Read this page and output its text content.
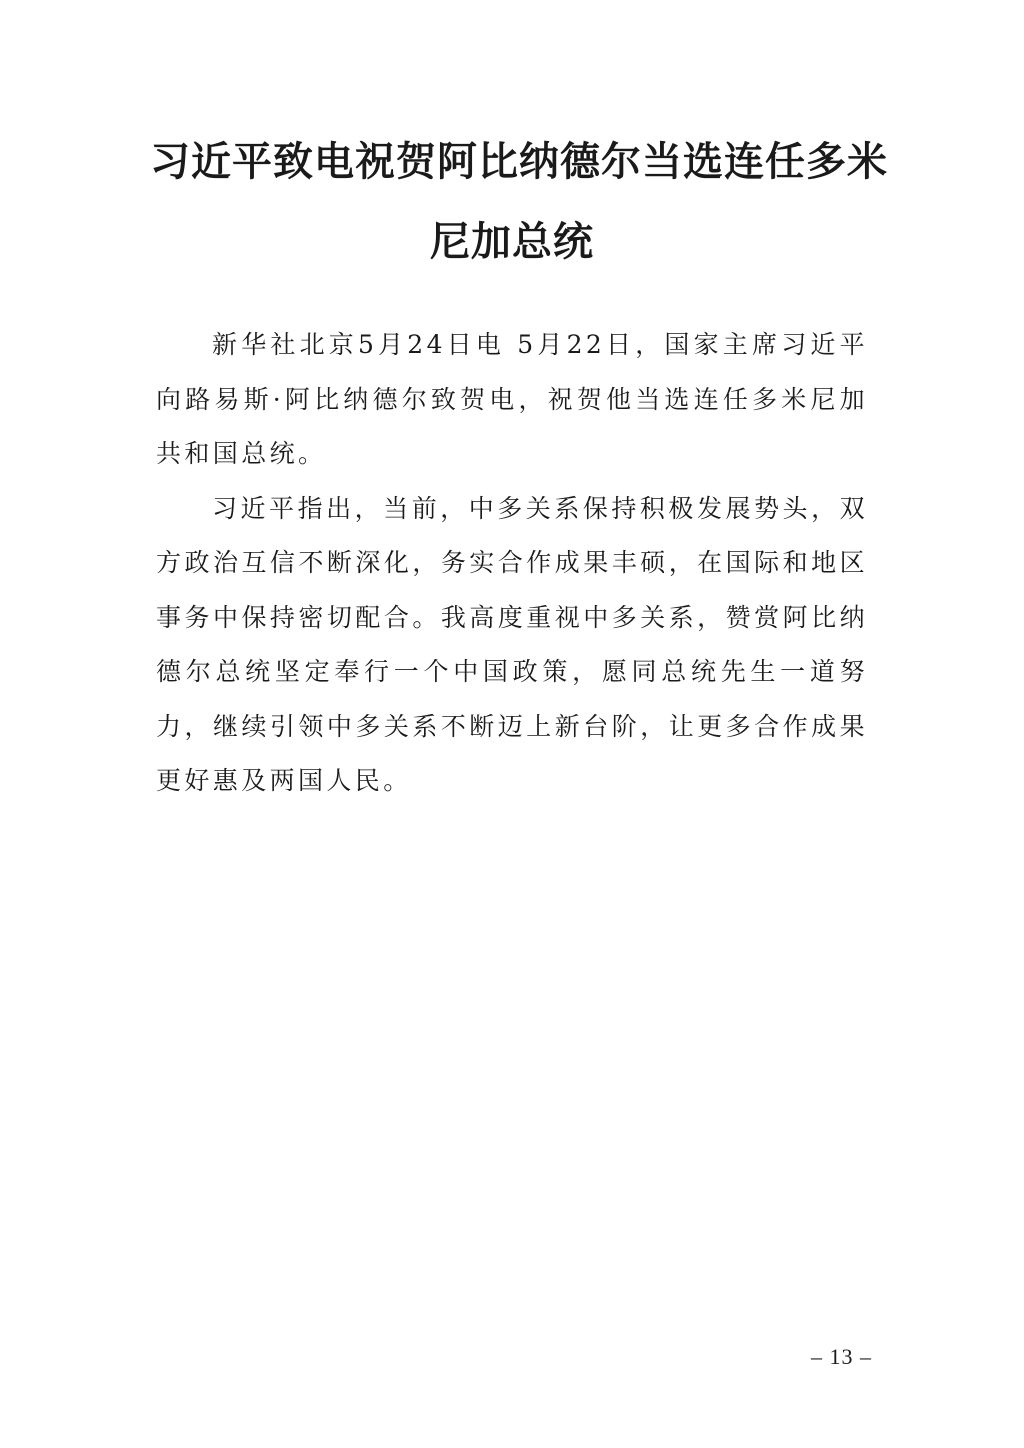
习近平致电祝贺阿比纳德尔当选连任多米
尼加总统

新华社北京5月24日电 5月22日，国家主席习近平向路易斯·阿比纳德尔致贺电，祝贺他当选连任多米尼加共和国总统。

习近平指出，当前，中多关系保持积极发展势头，双方政治互信不断深化，务实合作成果丰硕，在国际和地区事务中保持密切配合。我高度重视中多关系，赞赏阿比纳德尔总统坚定奉行一个中国政策，愿同总统先生一道努力，继续引领中多关系不断迈上新台阶，让更多合作成果更好惠及两国人民。

– 13 –
